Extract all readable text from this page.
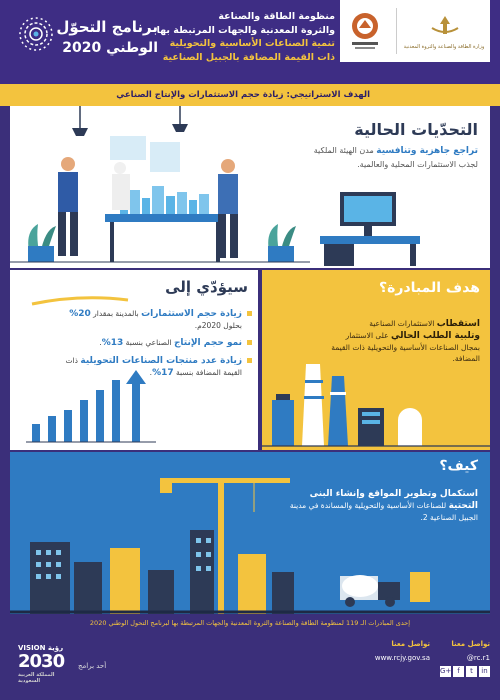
برنامج التحوّل
الوطني 2020
منظومة الطاقة والصناعة
والثروة المعدنية والجهات المرتبطة بها
تنمية الصناعات الأساسية والتحويلية
ذات القيمة المضافة بالجبيل الصناعية
وزارة الطاقة والصناعة والثروة المعدنية
الهدف الاستراتيجي: زيادة حجم الاستثمارات والإنتاج الصناعي
التحدّيات الحالية
تراجع جاهزية وتنافسية مدن الهيئة الملكية لجذب الاستثمارات المحلية والعالمية.
سيؤدّي إلى
زيادة حجم الاستثمارات بالمدينة بمقدار 20% بحلول 2020م.
نمو حجم الإنتاج الصناعي بنسبة 13%.
زيادة عدد منتجات الصناعات التحويلية ذات القيمة المضافة بنسبة 17%.
هدف المبادرة؟
استقطاب الاستثمارات الصناعية
وتلبية الطلب الحالي على الاستثمار بمجال الصناعات الأساسية والتحويلية ذات القيمة المضافة.
كيف؟
استكمال وتطوير المواقع وإنشاء البنى التحتية للصناعات الأساسية والتحويلية والمساندة في مدينة الجبيل الصناعية 2.
إحدى المبادرات الـ 119 لمنظومة الطاقة والصناعة والثروة المعدنية والجهات المرتبطة بها لبرنامج التحول الوطني 2020
VISION رؤية
2030
المملكة العربية السعودية
أحد برامج
تواصل معنا
www.rcjy.gov.sa
تواصل معنا
@rc.r1
G+ f t in
